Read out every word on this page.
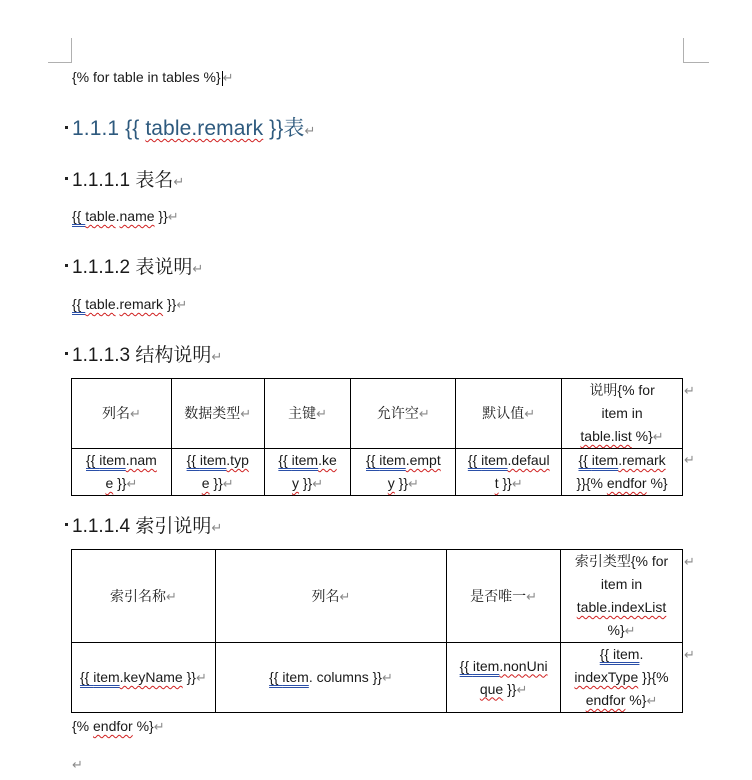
{% for table in tables %} ↵
1.1.1 {{ table.remark }}表↵
1.1.1.1 表名↵
{{ table.name }}↵
1.1.1.2 表说明↵
{{ table.remark }}↵
1.1.1.3 结构说明↵
列名↵	数据类型↵	主键↵	允许空↵	默认值↵	说明{% for
item in
table.list %}↵
{{ item.nam
e }}↵	{{ item.typ
e }}↵	{{ item.ke
y }}↵	{{ item.empt
y }}↵	{{ item.defaul
t }}↵	{{ item.remark
}}{% endfor %}
↵
↵
1.1.1.4 索引说明↵
索引名称↵	列名↵	是否唯一↵	索引类型{% for
item in
table.indexList
%}↵
{{ item.keyName }}↵	{{ item. columns }}↵	{{ item.nonUni
que }}↵	{{ item.
indexType }}{%
endfor %}↵
↵
↵
{% endfor %}↵
↵
